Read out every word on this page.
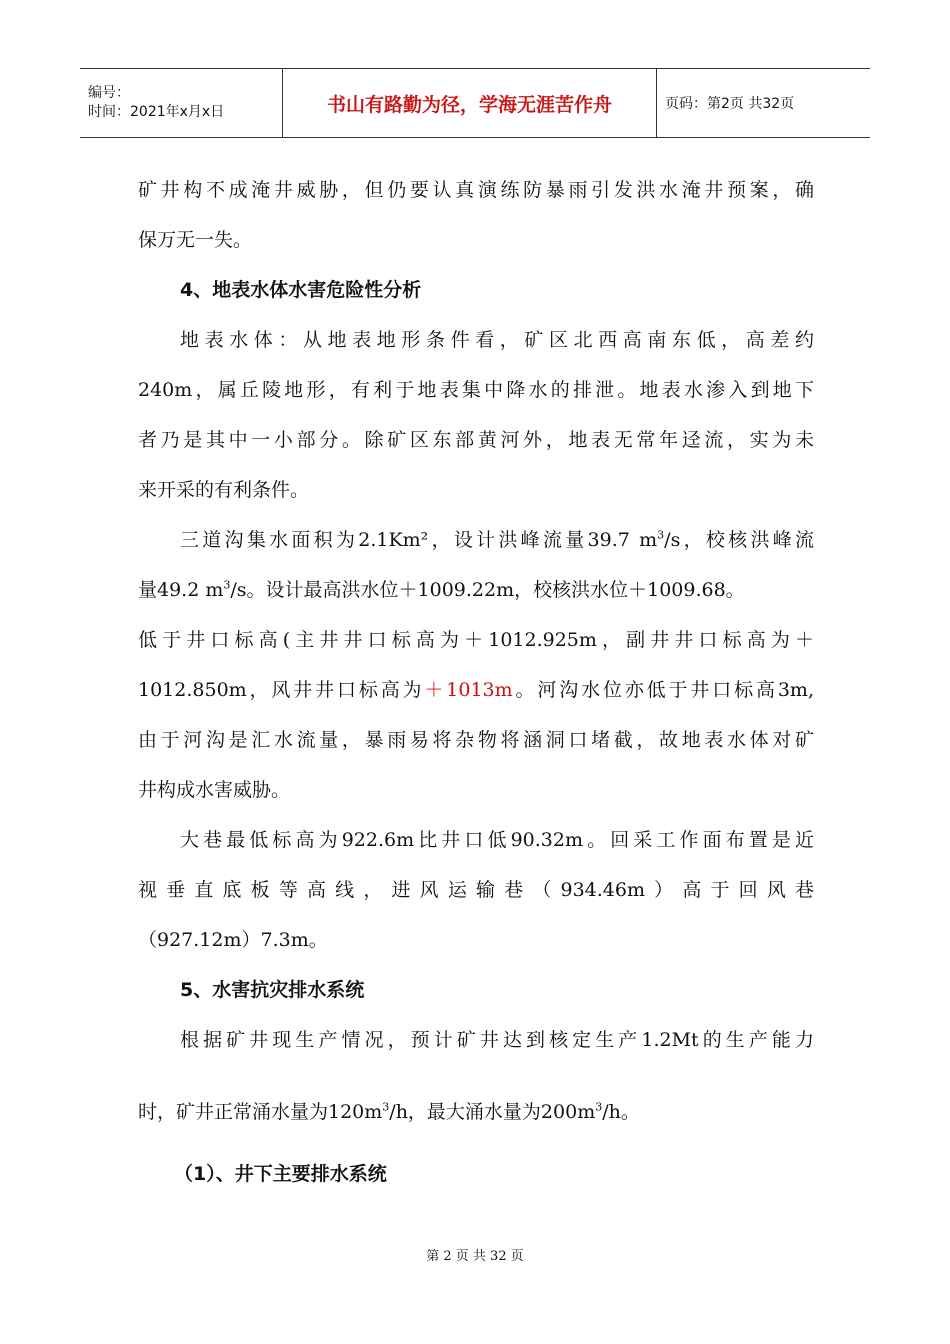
编号：
时间：2021年x月x日	书山有路勤为径，学海无涯苦作舟	页码：第2页 共32页
矿井构不成淹井威胁，但仍要认真演练防暴雨引发洪水淹井预案，确
保万无一失。
4、地表水体水害危险性分析
地表水体：从地表地形条件看，矿区北西高南东低，高差约
240m，属丘陵地形，有利于地表集中降水的排泄。地表水渗入到地下
者乃是其中一小部分。除矿区东部黄河外，地表无常年迳流，实为未
来开采的有利条件。
三道沟集水面积为2.1Km²，设计洪峰流量39.7 $m^3/s$，校核洪峰流
量49.2 $m^3/s$。设计最高洪水位＋1009.22m，校核洪水位＋1009.68。
低于井口标高(主井井口标高为＋1012.925m，副井井口标高为＋
1012.850m，风井井口标高为＋1013m。河沟水位亦低于井口标高3m,
由于河沟是汇水流量，暴雨易将杂物将涵洞口堵截，故地表水体对矿
井构成水害威胁。
大巷最低标高为922.6m比井口低90.32m。回采工作面布置是近
视垂直底板等高线，进风运输巷（934.46m）高于回风巷
（927.12m）7.3m。
5、水害抗灾排水系统
根据矿井现生产情况，预计矿井达到核定生产1.2Mt的生产能力
时，矿井正常涌水量为$120m^3/h$，最大涌水量为$200m^3/h$。
（1）、井下主要排水系统
第 2 页 共 32 页
